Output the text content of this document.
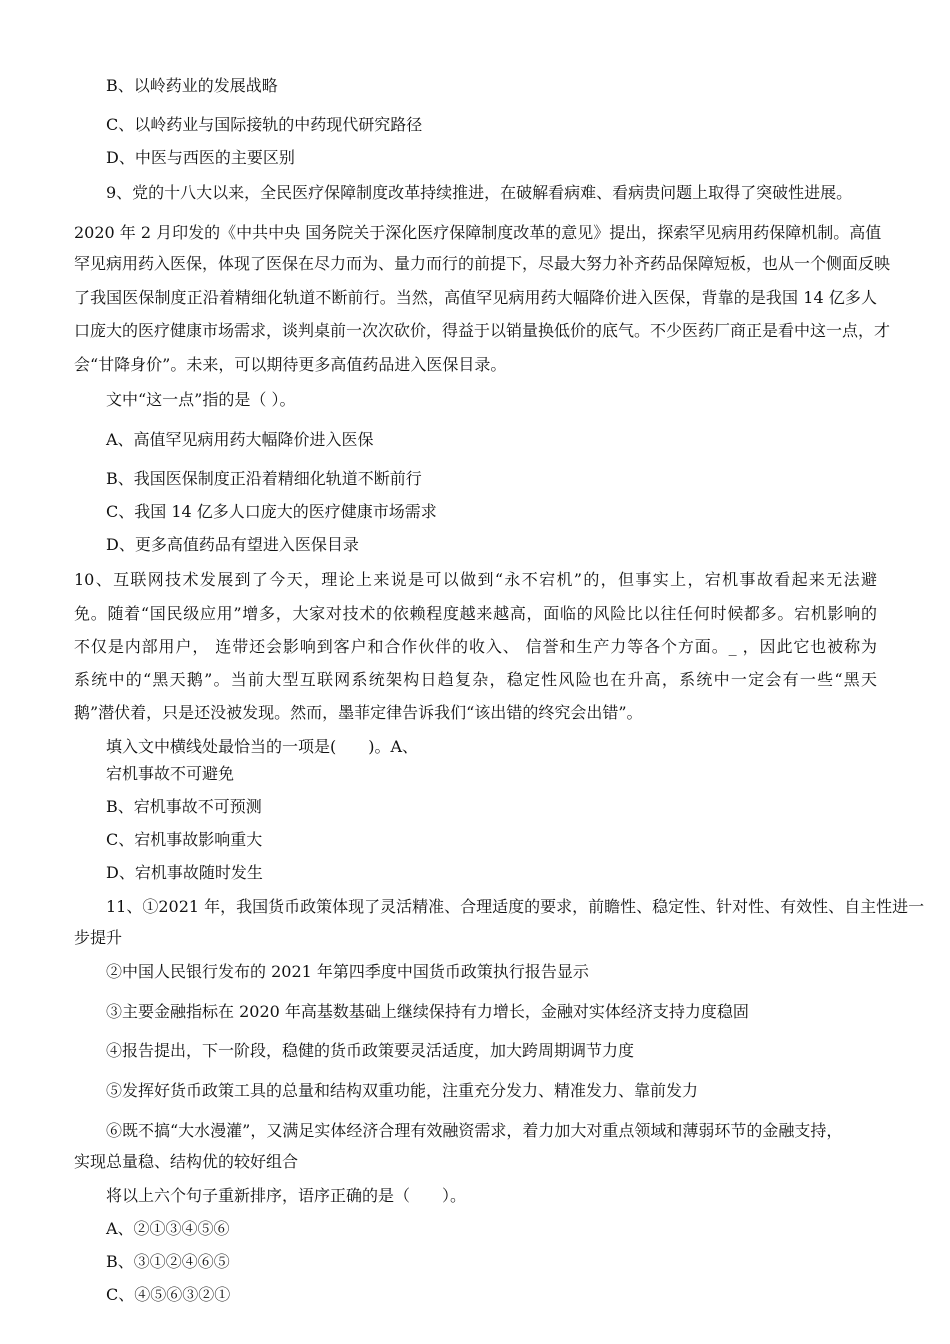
B、以岭药业的发展战略
C、以岭药业与国际接轨的中药现代研究路径
D、中医与西医的主要区别
9、党的十八大以来，全民医疗保障制度改革持续推进，在破解看病难、看病贵问题上取得了突破性进展。
2020 年 2 月印发的《中共中央 国务院关于深化医疗保障制度改革的意见》提出，探索罕见病用药保障机制。高值
罕见病用药入医保，体现了医保在尽力而为、量力而行的前提下，尽最大努力补齐药品保障短板，也从一个侧面反映
了我国医保制度正沿着精细化轨道不断前行。当然，高值罕见病用药大幅降价进入医保，背靠的是我国 14 亿多人
口庞大的医疗健康市场需求，谈判桌前一次次砍价，得益于以销量换低价的底气。不少医药厂商正是看中这一点，才
会“甘降身价”。未来，可以期待更多高值药品进入医保目录。
文中“这一点”指的是（ ）。
A、高值罕见病用药大幅降价进入医保
B、我国医保制度正沿着精细化轨道不断前行
C、我国 14 亿多人口庞大的医疗健康市场需求
D、更多高值药品有望进入医保目录
10、互联网技术发展到了今天，理论上来说是可以做到“永不宕机”的，但事实上，宕机事故看起来无法避
免。随着“国民级应用”增多，大家对技术的依赖程度越来越高，面临的风险比以往任何时候都多。宕机影响的
不仅是内部用户， 连带还会影响到客户和合作伙伴的收入、 信誉和生产力等各个方面。_ ，因此它也被称为
系统中的“黑天鹅”。当前大型互联网系统架构日趋复杂，稳定性风险也在升高，系统中一定会有一些“黑天
鹅”潜伏着，只是还没被发现。然而，墨菲定律告诉我们“该出错的终究会出错”。
填入文中横线处最恰当的一项是(　　)。A、
宕机事故不可避免
B、宕机事故不可预测
C、宕机事故影响重大
D、宕机事故随时发生
11、①2021 年，我国货币政策体现了灵活精准、合理适度的要求，前瞻性、稳定性、针对性、有效性、自主性进一
步提升
②中国人民银行发布的 2021 年第四季度中国货币政策执行报告显示
③主要金融指标在 2020 年高基数基础上继续保持有力增长，金融对实体经济支持力度稳固
④报告提出，下一阶段，稳健的货币政策要灵活适度，加大跨周期调节力度
⑤发挥好货币政策工具的总量和结构双重功能，注重充分发力、精准发力、靠前发力
⑥既不搞“大水漫灌”，又满足实体经济合理有效融资需求，着力加大对重点领域和薄弱环节的金融支持，
实现总量稳、结构优的较好组合
将以上六个句子重新排序，语序正确的是（　　）。
A、②①③④⑤⑥
B、③①②④⑥⑤
C、④⑤⑥③②①
